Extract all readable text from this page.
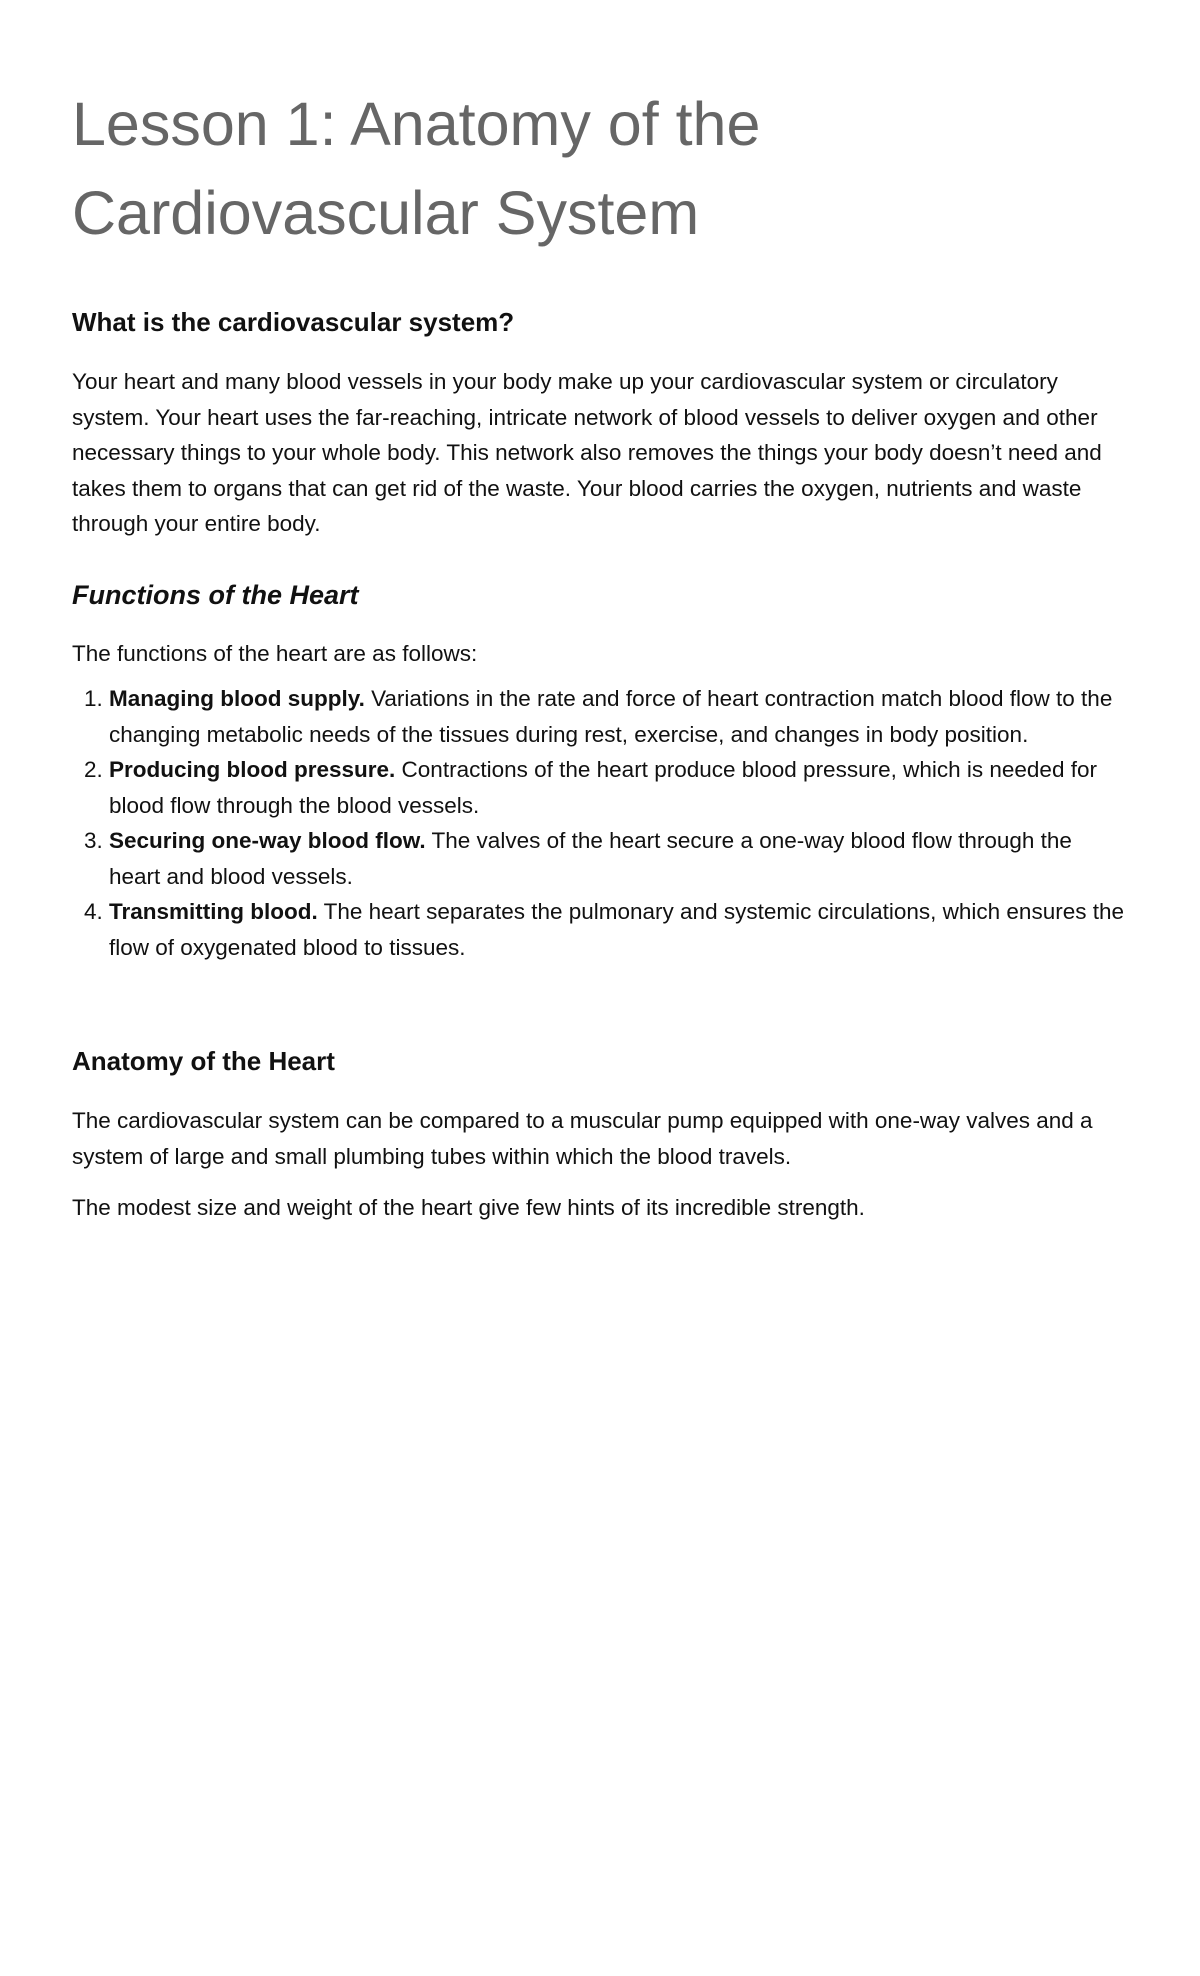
Lesson 1: Anatomy of the Cardiovascular System
What is the cardiovascular system?

Your heart and many blood vessels in your body make up your cardiovascular system or circulatory system. Your heart uses the far-reaching, intricate network of blood vessels to deliver oxygen and other necessary things to your whole body. This network also removes the things your body doesn’t need and takes them to organs that can get rid of the waste. Your blood carries the oxygen, nutrients and waste through your entire body.

Functions of the Heart

The functions of the heart are as follows:

1. Managing blood supply. Variations in the rate and force of heart contraction match blood flow to the changing metabolic needs of the tissues during rest, exercise, and changes in body position.
2. Producing blood pressure. Contractions of the heart produce blood pressure, which is needed for blood flow through the blood vessels.
3. Securing one-way blood flow. The valves of the heart secure a one-way blood flow through the heart and blood vessels.
4. Transmitting blood. The heart separates the pulmonary and systemic circulations, which ensures the flow of oxygenated blood to tissues.
Anatomy of the Heart

The cardiovascular system can be compared to a muscular pump equipped with one-way valves and a system of large and small plumbing tubes within which the blood travels.

The modest size and weight of the heart give few hints of its incredible strength.
